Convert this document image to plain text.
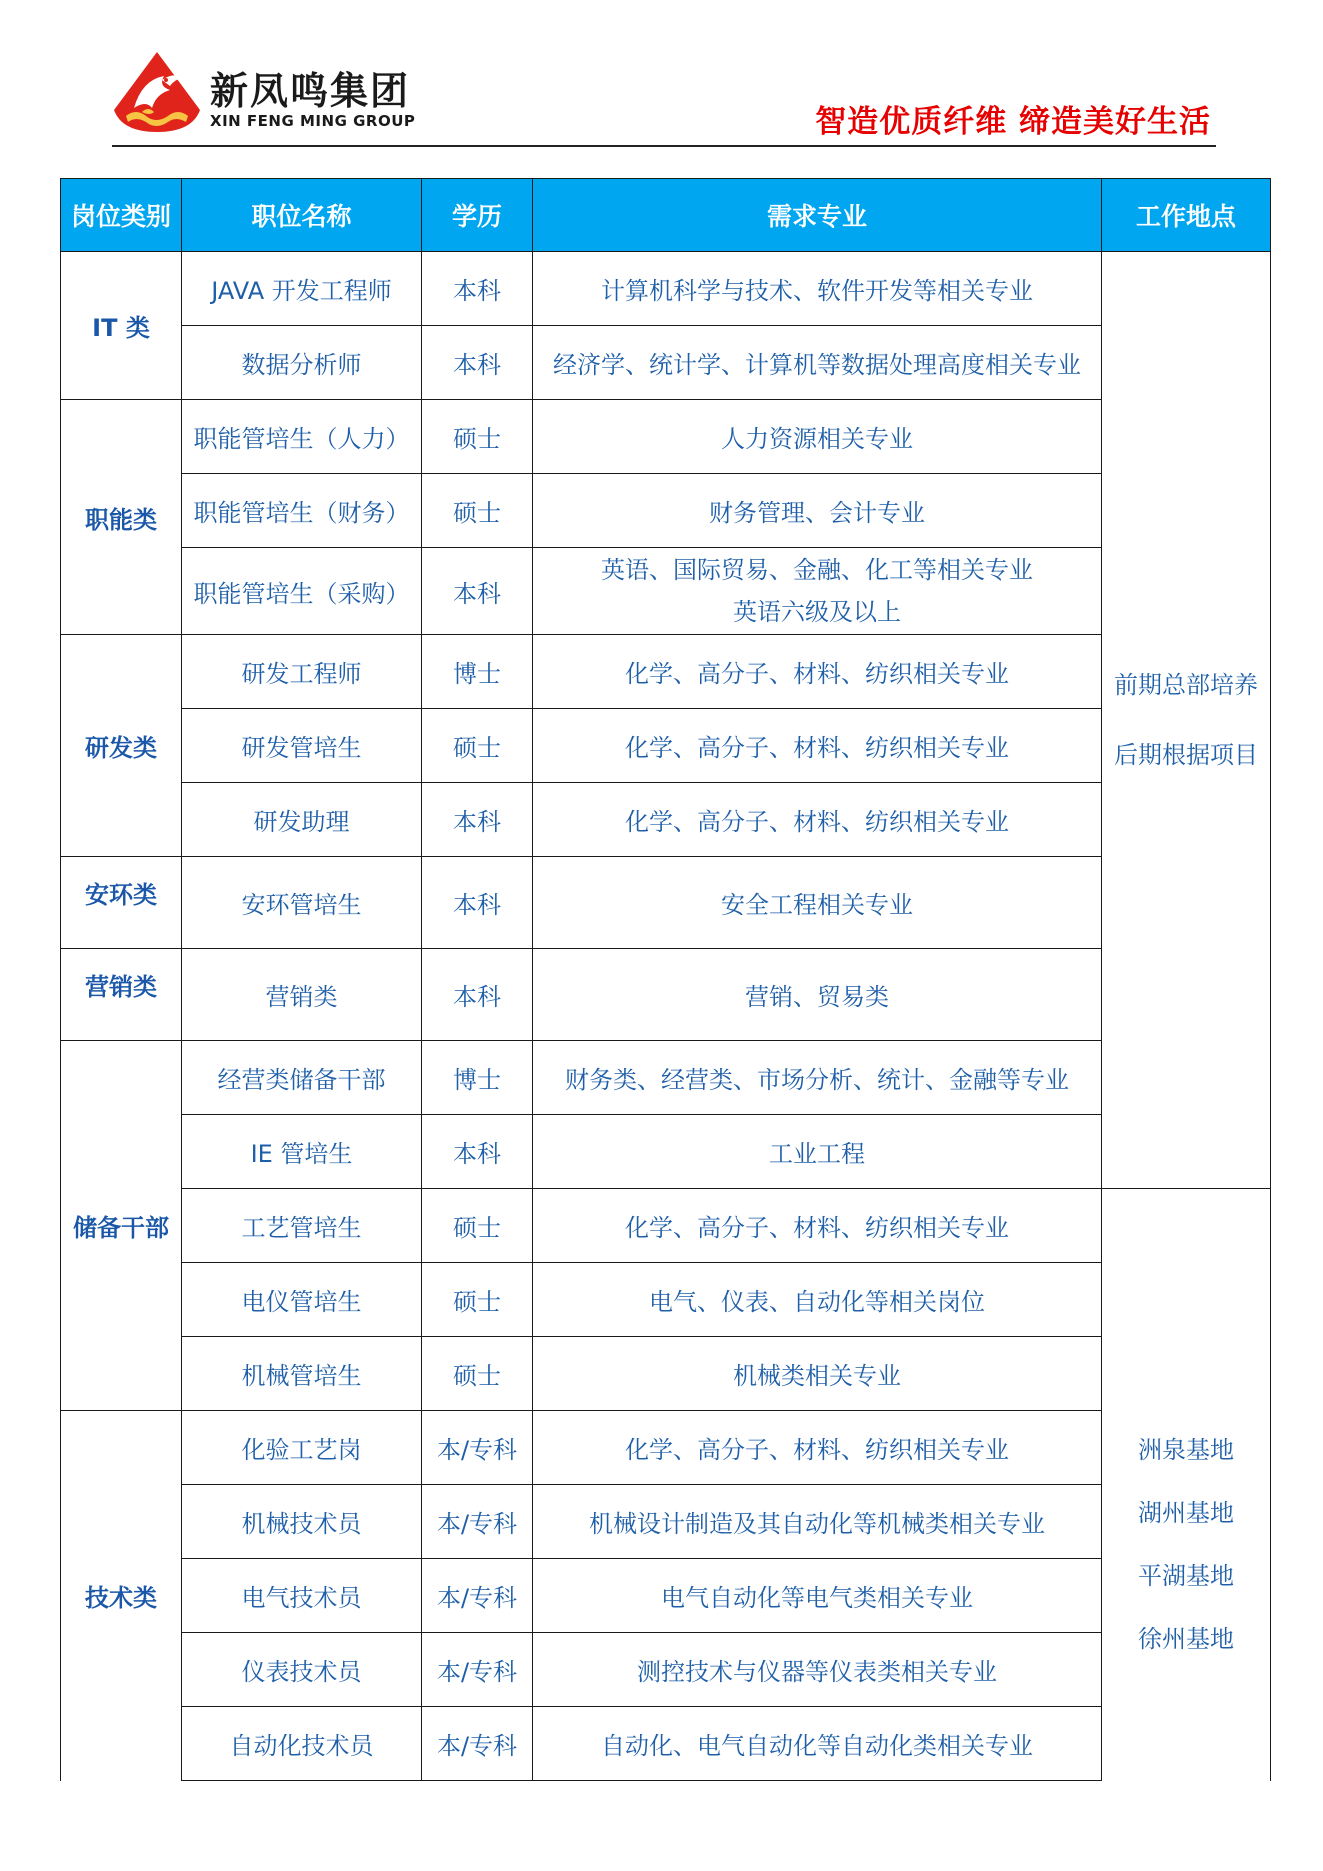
新凤鸣集团
XIN FENG MING GROUP	智造优质纤维 缔造美好生活
岗位类别	职位名称	学历	需求专业	工作地点
IT 类	JAVA 开发工程师	本科	计算机科学与技术、软件开发等相关专业	前期总部培养
后期根据项目

	数据分析师	本科	经济学、统计学、计算机等数据处理高度相关专业	
职能类	职能管培生（人力）	硕士	人力资源相关专业	
	职能管培生（财务）	硕士	财务管理、会计专业	
	职能管培生（采购）	本科	英语、国际贸易、金融、化工等相关专业
英语六级及以上	

研发类	研发工程师	博士	化学、高分子、材料、纺织相关专业	
	研发管培生	硕士	化学、高分子、材料、纺织相关专业	
	研发助理	本科	化学、高分子、材料、纺织相关专业	
安环类	安环管培生	本科	安全工程相关专业	
营销类	营销类	本科	营销、贸易类	
储备干部	经营类储备干部	博士	财务类、经营类、市场分析、统计、金融等专业	
	IE 管培生	本科	工业工程	
	工艺管培生	硕士	化学、高分子、材料、纺织相关专业	洲泉基地
湖州基地
平湖基地
徐州基地

	电仪管培生	硕士	电气、仪表、自动化等相关岗位	
	机械管培生	硕士	机械类相关专业	
技术类	化验工艺岗	本/专科	化学、高分子、材料、纺织相关专业	
	机械技术员	本/专科	机械设计制造及其自动化等机械类相关专业	
	电气技术员	本/专科	电气自动化等电气类相关专业	
	仪表技术员	本/专科	测控技术与仪器等仪表类相关专业	
	自动化技术员	本/专科	自动化、电气自动化等自动化类相关专业	
